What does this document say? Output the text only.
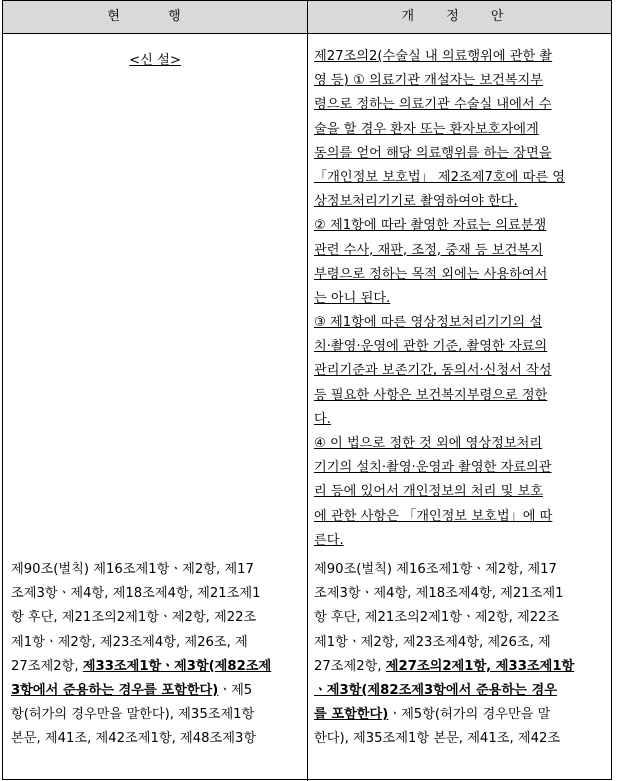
현 행	개 정 안
<신 설>
제90조(벌칙) 제16조제1항ㆍ제2항, 제17
조제3항ㆍ제4항, 제18조제4항, 제21조제1
항 후단, 제21조의2제1항ㆍ제2항, 제22조
제1항ㆍ제2항, 제23조제4항, 제26조, 제
27조제2항, 제33조제1항ㆍ제3항(제82조제
3항에서 준용하는 경우를 포함한다) ㆍ제5
항(허가의 경우만을 말한다), 제35조제1항
본문, 제41조, 제42조제1항, 제48조제3항
제27조의2(수술실 내 의료행위에 관한 촬
영 등) ① 의료기관 개설자는 보건복지부
령으로 정하는 의료기관 수술실 내에서 수
술을 할 경우 환자 또는 환자보호자에게
동의를 얻어 해당 의료행위를 하는 장면을
「개인정보 보호법」 제2조제7호에 따른 영
상정보처리기기로 촬영하여야 한다.
② 제1항에 따라 촬영한 자료는 의료분쟁
관련 수사, 재판, 조정, 중재 등 보건복지
부령으로 정하는 목적 외에는 사용하여서
는 아니 된다.
③ 제1항에 따른 영상정보처리기기의 설
치·촬영·운영에 관한 기준, 촬영한 자료의
관리기준과 보존기간, 동의서·신청서 작성
등 필요한 사항은 보건복지부령으로 정한
다.
④ 이 법으로 정한 것 외에 영상정보처리
기기의 설치·촬영·운영과 촬영한 자료의관
리 등에 있어서 개인정보의 처리 및 보호
에 관한 사항은 「개인정보 보호법」에 따
른다.
제90조(벌칙) 제16조제1항ㆍ제2항, 제17
조제3항ㆍ제4항, 제18조제4항, 제21조제1
항 후단, 제21조의2제1항ㆍ제2항, 제22조
제1항ㆍ제2항, 제23조제4항, 제26조, 제
27조제2항, 제27조의2제1항, 제33조제1항
ㆍ제3항(제82조제3항에서 준용하는 경우
를 포함한다) ㆍ제5항(허가의 경우만을 말
한다), 제35조제1항 본문, 제41조, 제42조
